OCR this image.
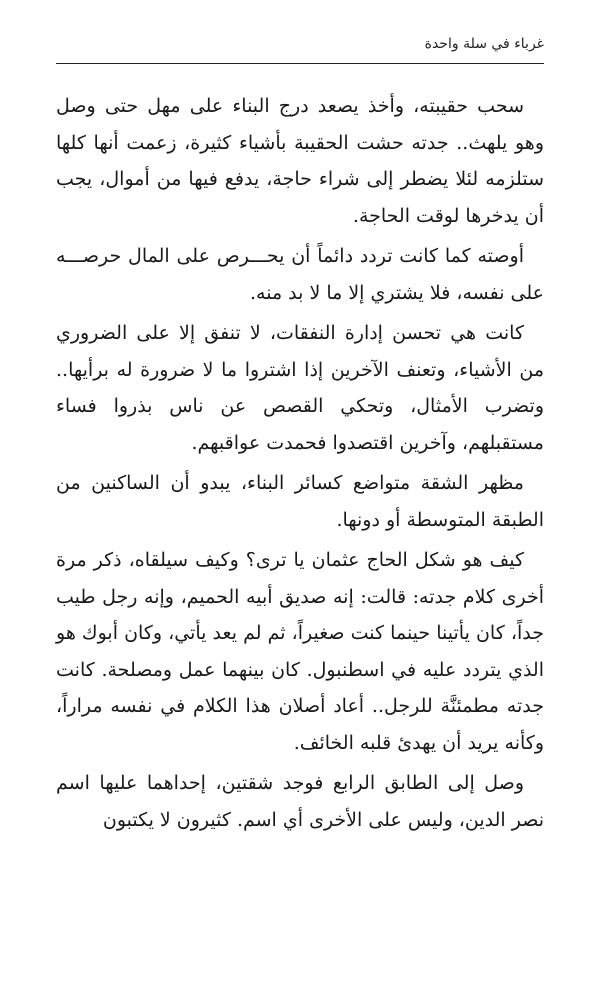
غرباء في سلة واحدة

سحب حقيبته، وأخذ يصعد درج البناء على مهل حتى وصل وهو يلهث.. جدته حشت الحقيبة بأشياء كثيرة، زعمت أنها كلها ستلزمه لئلا يضطر إلى شراء حاجة، يدفع فيها من أموال، يجب أن يدخرها لوقت الحاجة.

أوصته كما كانت تردد دائماً أن يحـــرص على المال حرصـــه على نفسه، فلا يشتري إلا ما لا بد منه.

كانت هي تحسن إدارة النفقات، لا تنفق إلا على الضروري من الأشياء، وتعنف الآخرين إذا اشتروا ما لا ضرورة له برأيها.. وتضرب الأمثال، وتحكي القصص عن ناس بذروا فساء مستقبلهم، وآخرين اقتصدوا فحمدت عواقبهم.

مظهر الشقة متواضع كسائر البناء، يبدو أن الساكنين من الطبقة المتوسطة أو دونها.

كيف هو شكل الحاج عثمان يا ترى؟ وكيف سيلقاه، ذكر مرة أخرى كلام جدته: قالت: إنه صديق أبيه الحميم، وإنه رجل طيب جداً، كان يأتينا حينما كنت صغيراً، ثم لم يعد يأتي، وكان أبوك هو الذي يتردد عليه في اسطنبول. كان بينهما عمل ومصلحة. كانت جدته مطمئنَّة للرجل.. أعاد أصلان هذا الكلام في نفسه مراراً، وكأنه يريد أن يهدئ قلبه الخائف.

وصل إلى الطابق الرابع فوجد شقتين، إحداهما عليها اسم نصر الدين، وليس على الأخرى أي اسم. كثيرون لا يكتبون
